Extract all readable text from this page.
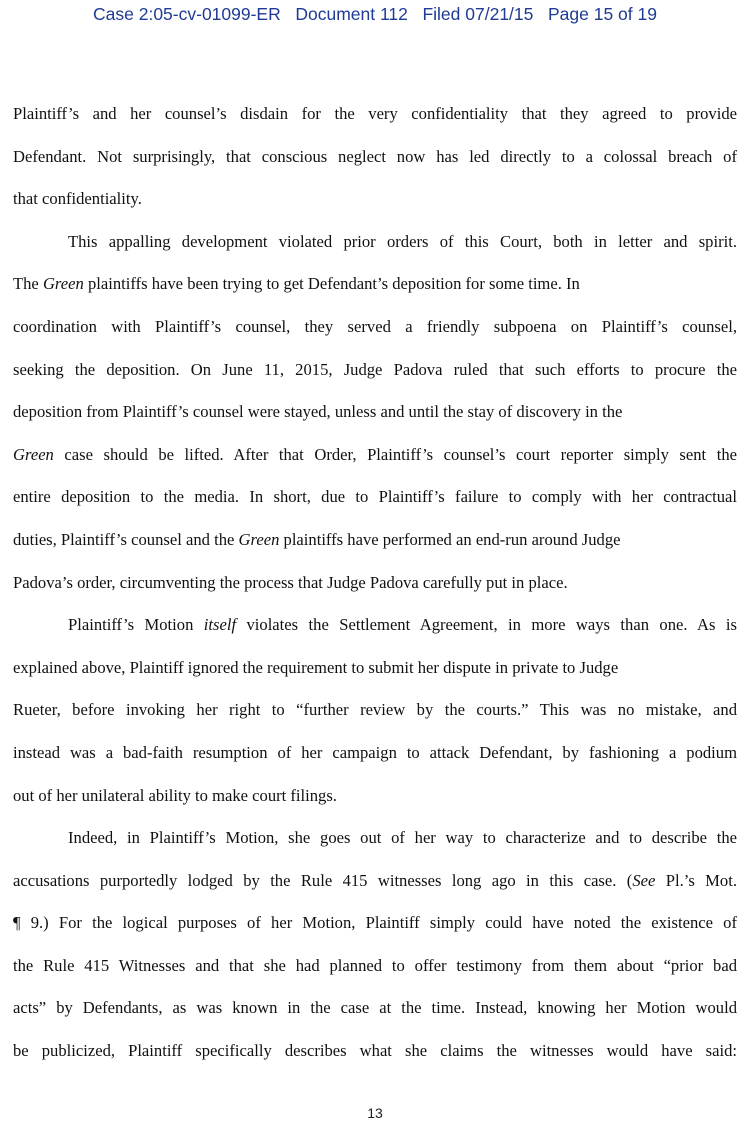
Case 2:05-cv-01099-ER Document 112 Filed 07/21/15 Page 15 of 19
Plaintiff’s and her counsel’s disdain for the very confidentiality that they agreed to provide
Defendant. Not surprisingly, that conscious neglect now has led directly to a colossal breach of
that confidentiality.
This appalling development violated prior orders of this Court, both in letter and spirit.
The Green plaintiffs have been trying to get Defendant’s deposition for some time. In
coordination with Plaintiff’s counsel, they served a friendly subpoena on Plaintiff’s counsel,
seeking the deposition. On June 11, 2015, Judge Padova ruled that such efforts to procure the
deposition from Plaintiff’s counsel were stayed, unless and until the stay of discovery in the
Green case should be lifted. After that Order, Plaintiff’s counsel’s court reporter simply sent the
entire deposition to the media. In short, due to Plaintiff’s failure to comply with her contractual
duties, Plaintiff’s counsel and the Green plaintiffs have performed an end-run around Judge
Padova’s order, circumventing the process that Judge Padova carefully put in place.
Plaintiff’s Motion itself violates the Settlement Agreement, in more ways than one. As is
explained above, Plaintiff ignored the requirement to submit her dispute in private to Judge
Rueter, before invoking her right to “further review by the courts.” This was no mistake, and
instead was a bad-faith resumption of her campaign to attack Defendant, by fashioning a podium
out of her unilateral ability to make court filings.
Indeed, in Plaintiff’s Motion, she goes out of her way to characterize and to describe the
accusations purportedly lodged by the Rule 415 witnesses long ago in this case. (See Pl.’s Mot.
¶ 9.) For the logical purposes of her Motion, Plaintiff simply could have noted the existence of
the Rule 415 Witnesses and that she had planned to offer testimony from them about “prior bad
acts” by Defendants, as was known in the case at the time. Instead, knowing her Motion would
be publicized, Plaintiff specifically describes what she claims the witnesses would have said:
13
